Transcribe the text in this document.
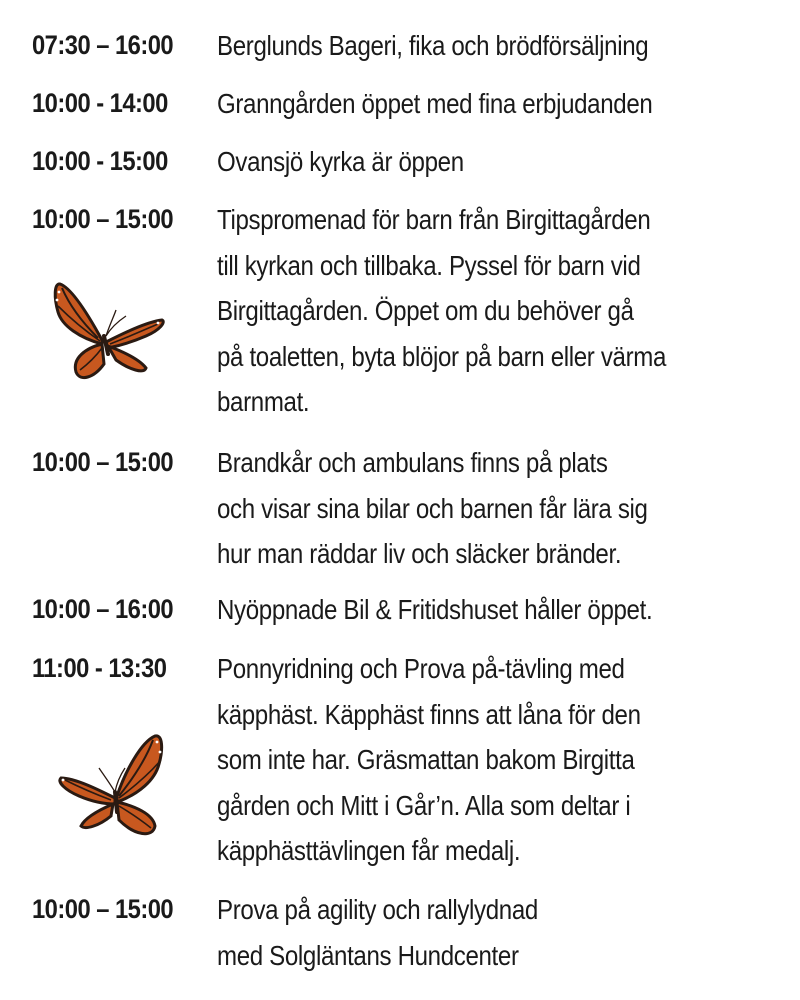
07:30 – 16:00 Berglunds Bageri, fika och brödförsäljning
10:00 - 14:00 Granngården öppet med fina erbjudanden
10:00 - 15:00 Ovansjö kyrka är öppen
10:00 – 15:00 Tipspromenad för barn från Birgittagården
till kyrkan och tillbaka. Pyssel för barn vid
Birgittagården. Öppet om du behöver gå
på toaletten, byta blöjor på barn eller värma
barnmat.
10:00 – 15:00 Brandkår och ambulans finns på plats
och visar sina bilar och barnen får lära sig
hur man räddar liv och släcker bränder.
10:00 – 16:00 Nyöppnade Bil & Fritidshuset håller öppet.
11:00 - 13:30 Ponnyridning och Prova på-tävling med
käpphäst. Käpphäst finns att låna för den
som inte har. Gräsmattan bakom Birgitta
gården och Mitt i Går’n. Alla som deltar i
käpphästtävlingen får medalj.
10:00 – 15:00 Prova på agility och rallylydnad
med Solgläntans Hundcenter
